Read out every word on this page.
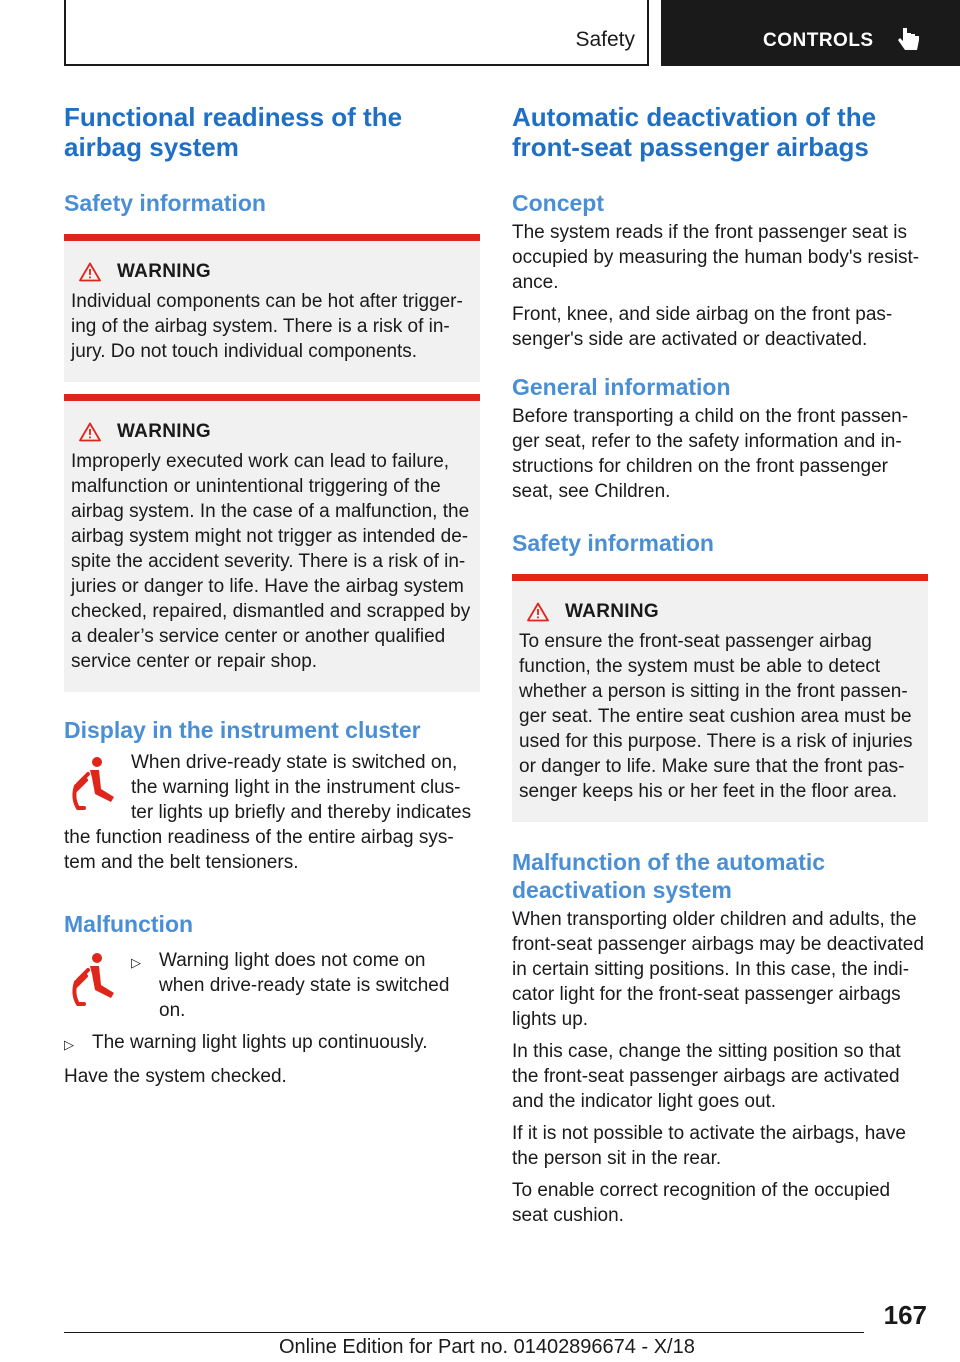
Safety	CONTROLS
Functional readiness of the
airbag system
Safety information
WARNING

Individual components can be hot after trigger‐
ing of the airbag system. There is a risk of in‐
jury. Do not touch individual components.

WARNING

Improperly executed work can lead to failure,
malfunction or unintentional triggering of the
airbag system. In the case of a malfunction, the
airbag system might not trigger as intended de‐
spite the accident severity. There is a risk of in‐
juries or danger to life. Have the airbag system
checked, repaired, dismantled and scrapped by
a dealer’s service center or another qualified
service center or repair shop.

Display in the instrument cluster

When drive-ready state is switched on,
the warning light in the instrument clus‐
ter lights up briefly and thereby indicates

the function readiness of the entire airbag sys‐
tem and the belt tensioners.

Malfunction
▷ Warning light does not come on
when drive-ready state is switched
on.
▷ The warning light lights up continuously.

Have the system checked.

Automatic deactivation of the
front-seat passenger airbags
Concept

The system reads if the front passenger seat is
occupied by measuring the human body's resist‐
ance.

Front, knee, and side airbag on the front pas‐
senger's side are activated or deactivated.

General information

Before transporting a child on the front passen‐
ger seat, refer to the safety information and in‐
structions for children on the front passenger
seat, see Children.

Safety information
WARNING

To ensure the front-seat passenger airbag
function, the system must be able to detect
whether a person is sitting in the front passen‐
ger seat. The entire seat cushion area must be
used for this purpose. There is a risk of injuries
or danger to life. Make sure that the front pas‐
senger keeps his or her feet in the floor area.

Malfunction of the automatic
deactivation system

When transporting older children and adults, the
front-seat passenger airbags may be deactivated
in certain sitting positions. In this case, the indi‐
cator light for the front-seat passenger airbags
lights up.

In this case, change the sitting position so that
the front-seat passenger airbags are activated
and the indicator light goes out.

If it is not possible to activate the airbags, have
the person sit in the rear.

To enable correct recognition of the occupied
seat cushion.

167
Online Edition for Part no. 01402896674 - X/18
